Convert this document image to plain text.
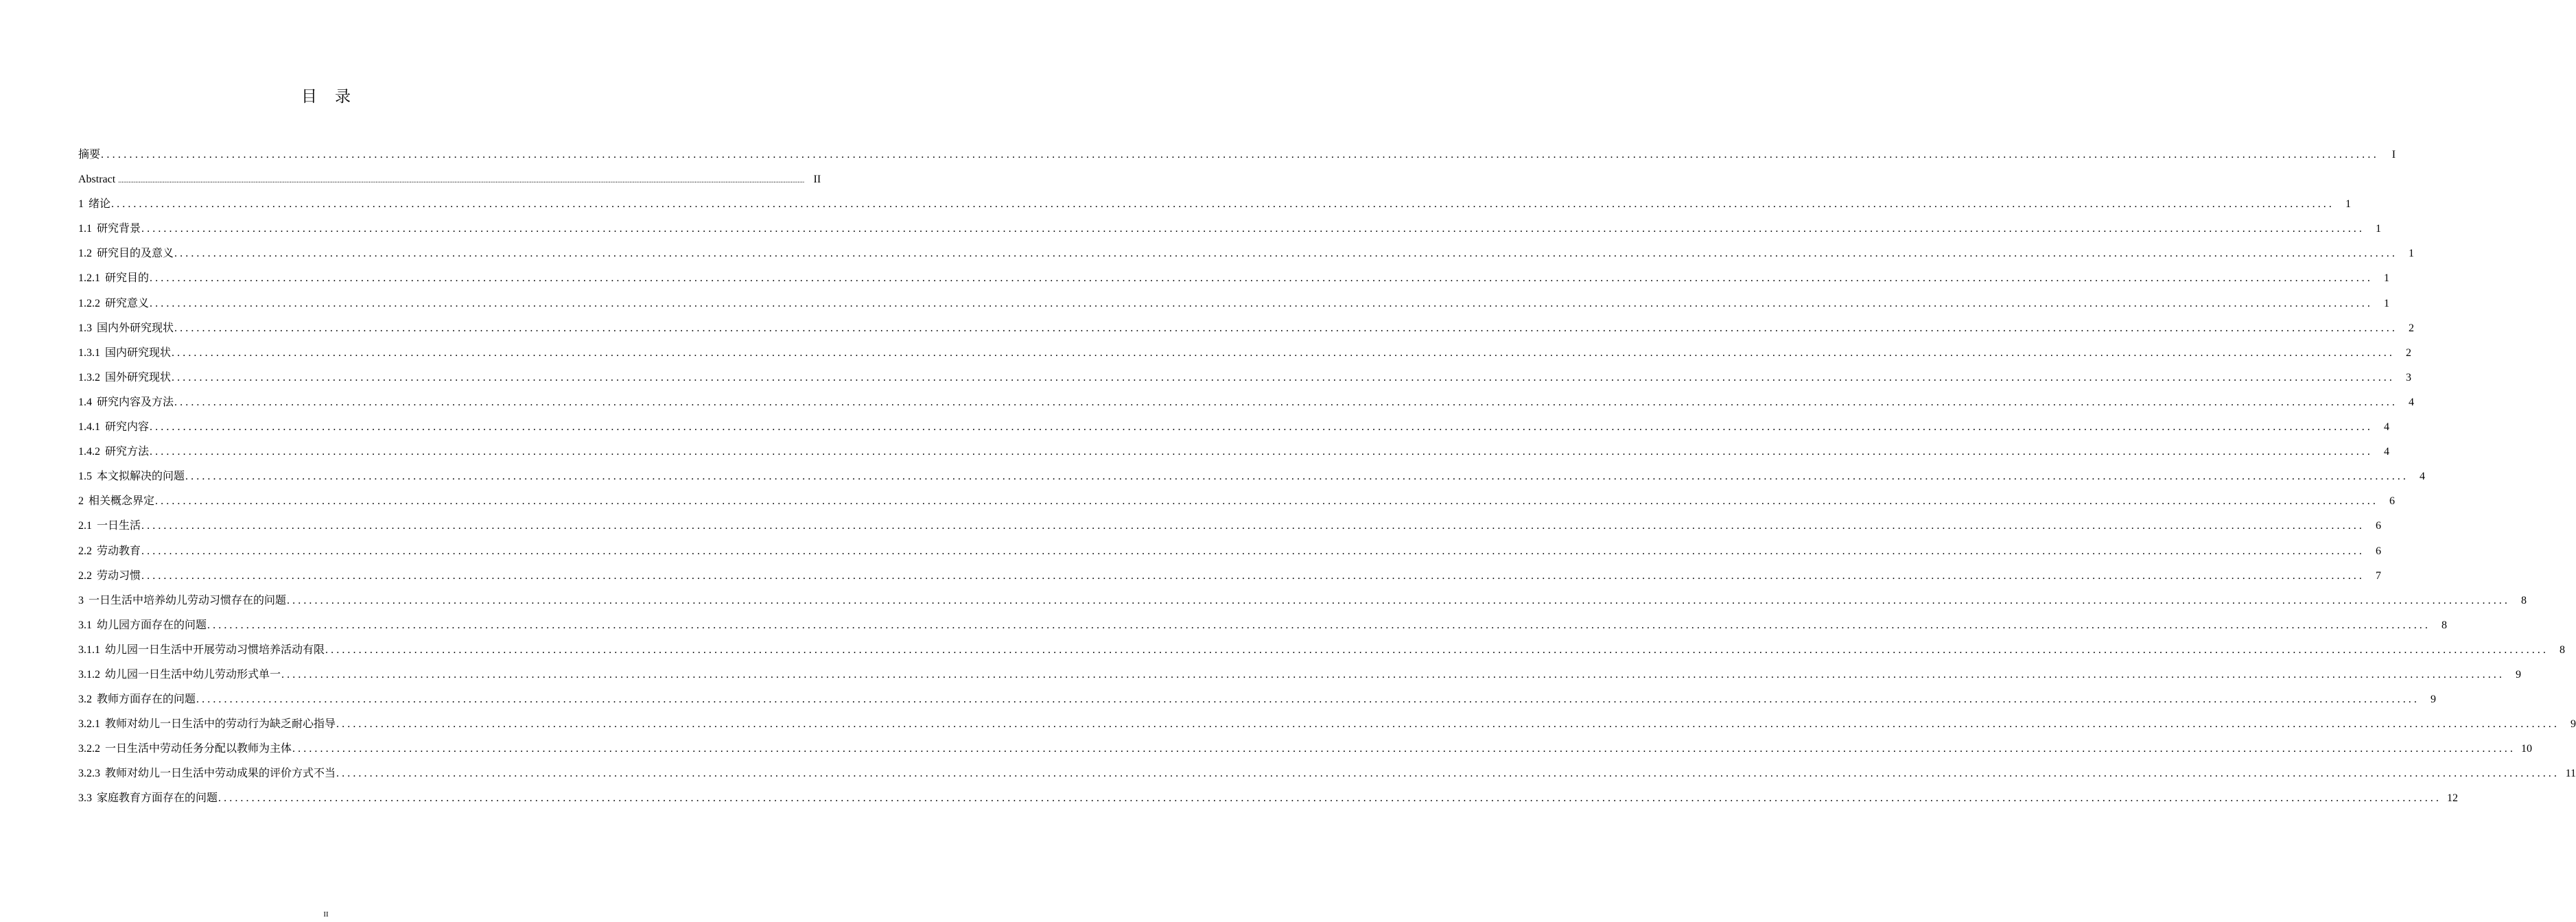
目 录
摘要 ................................................................................................................................................................................................................................................................................................................................................................................................................	I
Abstract ................................................................................................................................................................................................................................................................................................................................................................................................................ II
1 绪论 ................................................................................................................................................................................................................................................................................................................................................................................................................	1
1.1 研究背景 ................................................................................................................................................................................................................................................................................................................................................................................................................	1
1.2 研究目的及意义 ................................................................................................................................................................................................................................................................................................................................................................................................................	1
1.2.1 研究目的 ................................................................................................................................................................................................................................................................................................................................................................................................................	1
1.2.2 研究意义 ................................................................................................................................................................................................................................................................................................................................................................................................................	1
1.3 国内外研究现状 ................................................................................................................................................................................................................................................................................................................................................................................................................	2
1.3.1 国内研究现状 ................................................................................................................................................................................................................................................................................................................................................................................................................	2
1.3.2 国外研究现状 ................................................................................................................................................................................................................................................................................................................................................................................................................	3
1.4 研究内容及方法 ................................................................................................................................................................................................................................................................................................................................................................................................................	4
1.4.1 研究内容 ................................................................................................................................................................................................................................................................................................................................................................................................................	4
1.4.2 研究方法 ................................................................................................................................................................................................................................................................................................................................................................................................................	4
1.5 本文拟解决的问题 ................................................................................................................................................................................................................................................................................................................................................................................................................	4
2 相关概念界定 ................................................................................................................................................................................................................................................................................................................................................................................................................	6
2.1 一日生活 ................................................................................................................................................................................................................................................................................................................................................................................................................	6
2.2 劳动教育 ................................................................................................................................................................................................................................................................................................................................................................................................................	6
2.2 劳动习惯 ................................................................................................................................................................................................................................................................................................................................................................................................................	7
3 一日生活中培养幼儿劳动习惯存在的问题 ................................................................................................................................................................................................................................................................................................................................................................................................................	8
3.1 幼儿园方面存在的问题 ................................................................................................................................................................................................................................................................................................................................................................................................................	8
3.1.1 幼儿园一日生活中开展劳动习惯培养活动有限 ................................................................................................................................................................................................................................................................................................................................................................................................................	8
3.1.2 幼儿园一日生活中幼儿劳动形式单一 ................................................................................................................................................................................................................................................................................................................................................................................................................	9
3.2 教师方面存在的问题 ................................................................................................................................................................................................................................................................................................................................................................................................................	9
3.2.1 教师对幼儿一日生活中的劳动行为缺乏耐心指导 ................................................................................................................................................................................................................................................................................................................................................................................................................	9
3.2.2 一日生活中劳动任务分配以教师为主体 ................................................................................................................................................................................................................................................................................................................................................................................................................ 10
3.2.3 教师对幼儿一日生活中劳动成果的评价方式不当 ................................................................................................................................................................................................................................................................................................................................................................................................................ 11
3.3 家庭教育方面存在的问题 ................................................................................................................................................................................................................................................................................................................................................................................................................ 12
II
